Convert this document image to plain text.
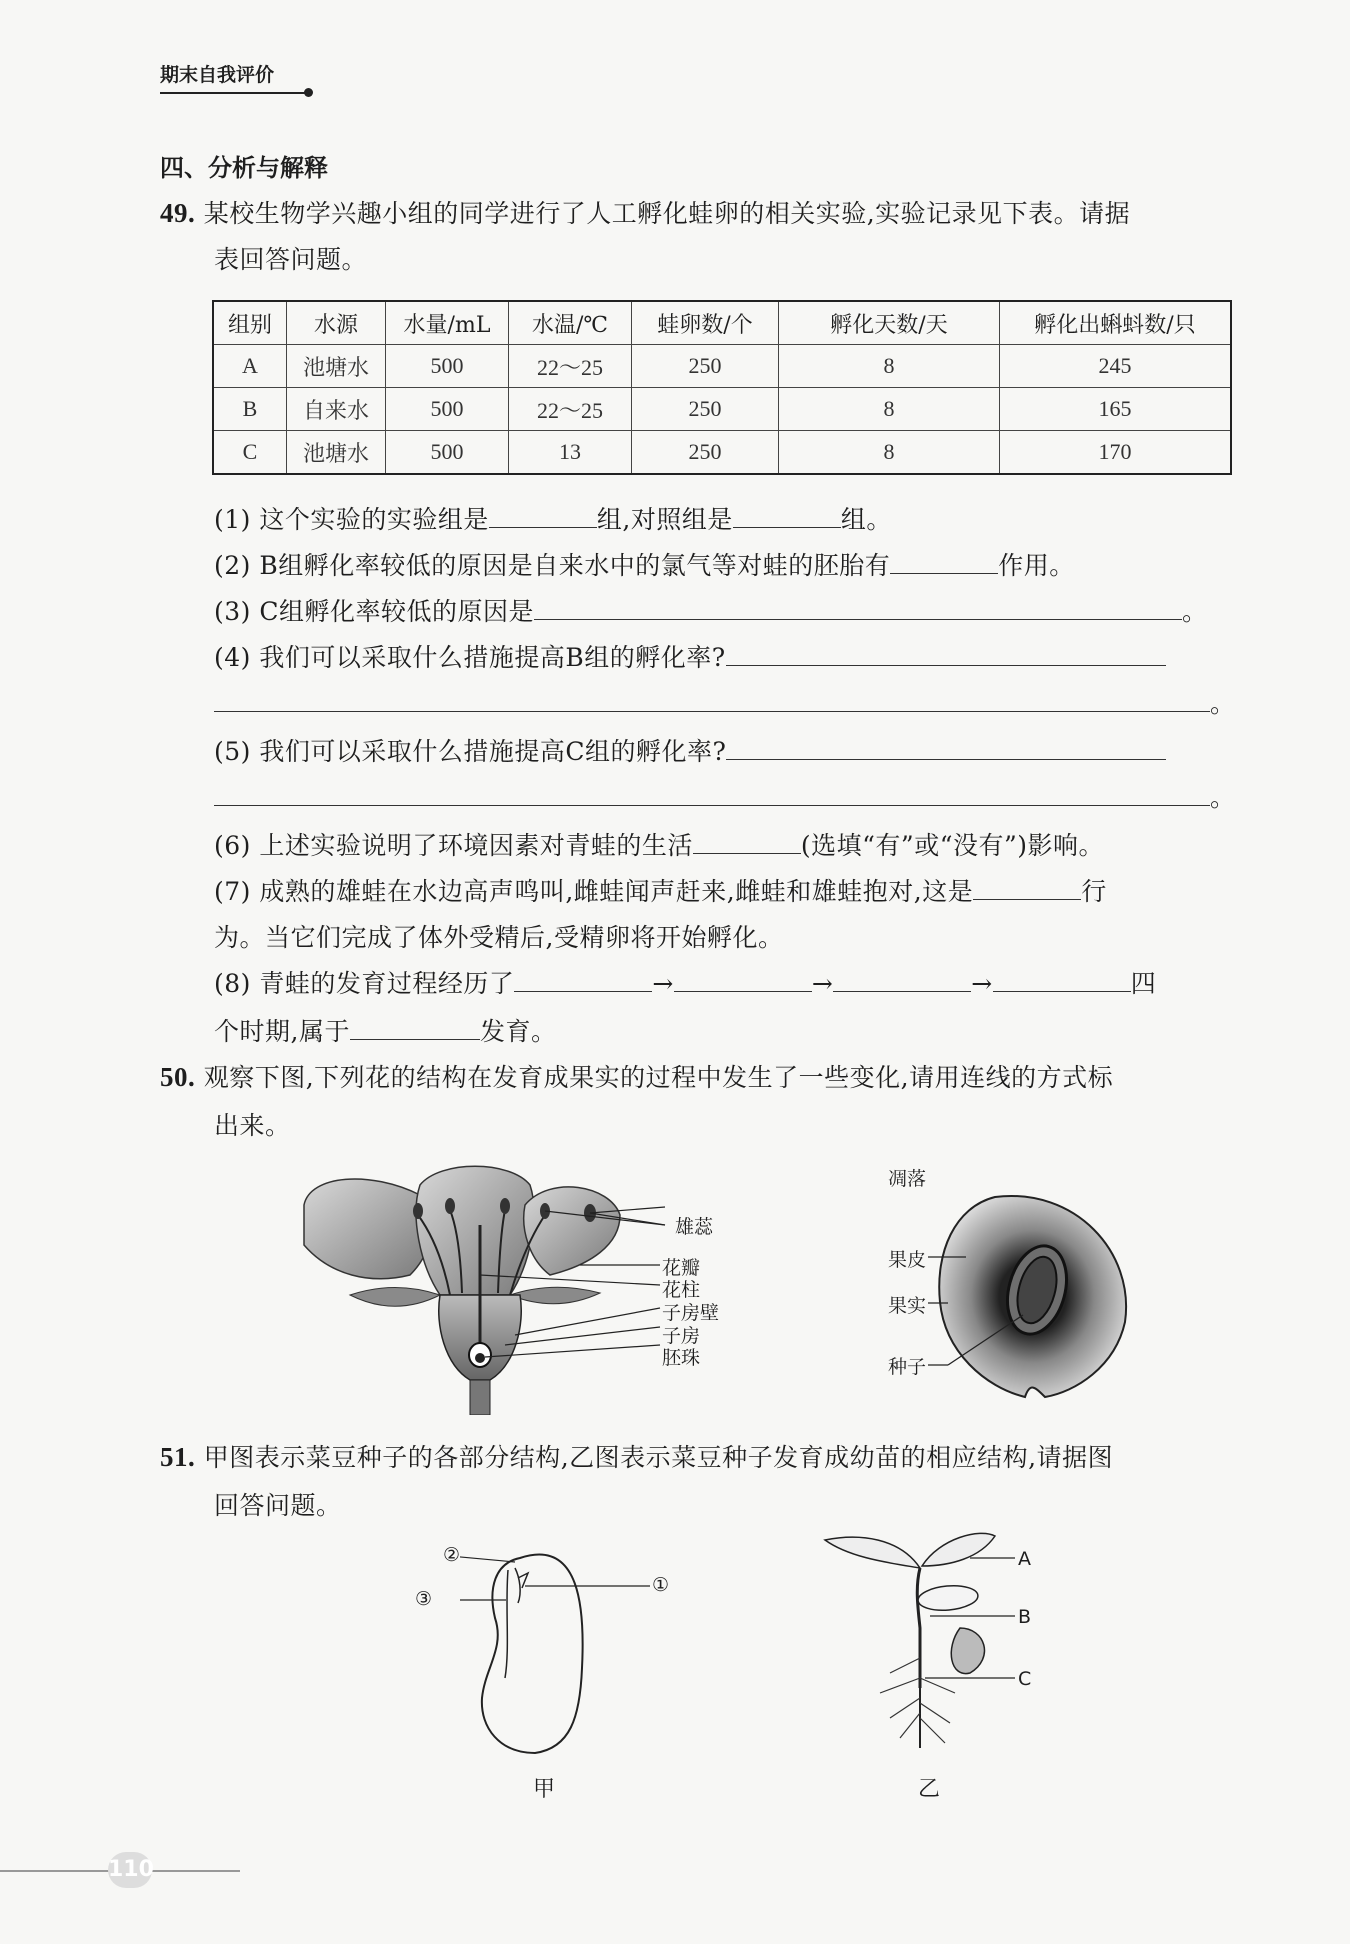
期末自我评价
四、分析与解释
49. 某校生物学兴趣小组的同学进行了人工孵化蛙卵的相关实验,实验记录见下表。请据
表回答问题。
组别	水源	水量/mL	水温/℃	蛙卵数/个	孵化天数/天	孵化出蝌蚪数/只
A	池塘水	500	22～25	250	8	245
B	自来水	500	22～25	250	8	165
C	池塘水	500	13	250	8	170
(1) 这个实验的实验组是	组,对照组是	组。
(2) B组孵化率较低的原因是自来水中的氯气等对蛙的胚胎有	作用。
(3) C组孵化率较低的原因是	。
(4) 我们可以采取什么措施提高B组的孵化率?
。
(5) 我们可以采取什么措施提高C组的孵化率?
。
(6) 上述实验说明了环境因素对青蛙的生活	(选填“有”或“没有”)影响。
(7) 成熟的雄蛙在水边高声鸣叫,雌蛙闻声赶来,雌蛙和雄蛙抱对,这是	行
为。当它们完成了体外受精后,受精卵将开始孵化。
(8) 青蛙的发育过程经历了	→	→	→	四
个时期,属于	发育。
50. 观察下图,下列花的结构在发育成果实的过程中发生了一些变化,请用连线的方式标
出来。
雄蕊
花瓣
花柱
子房壁
子房
胚珠
凋落
果皮
果实
种子
51. 甲图表示菜豆种子的各部分结构,乙图表示菜豆种子发育成幼苗的相应结构,请据图
回答问题。
②
③
①
甲
A
B
C
乙
110
